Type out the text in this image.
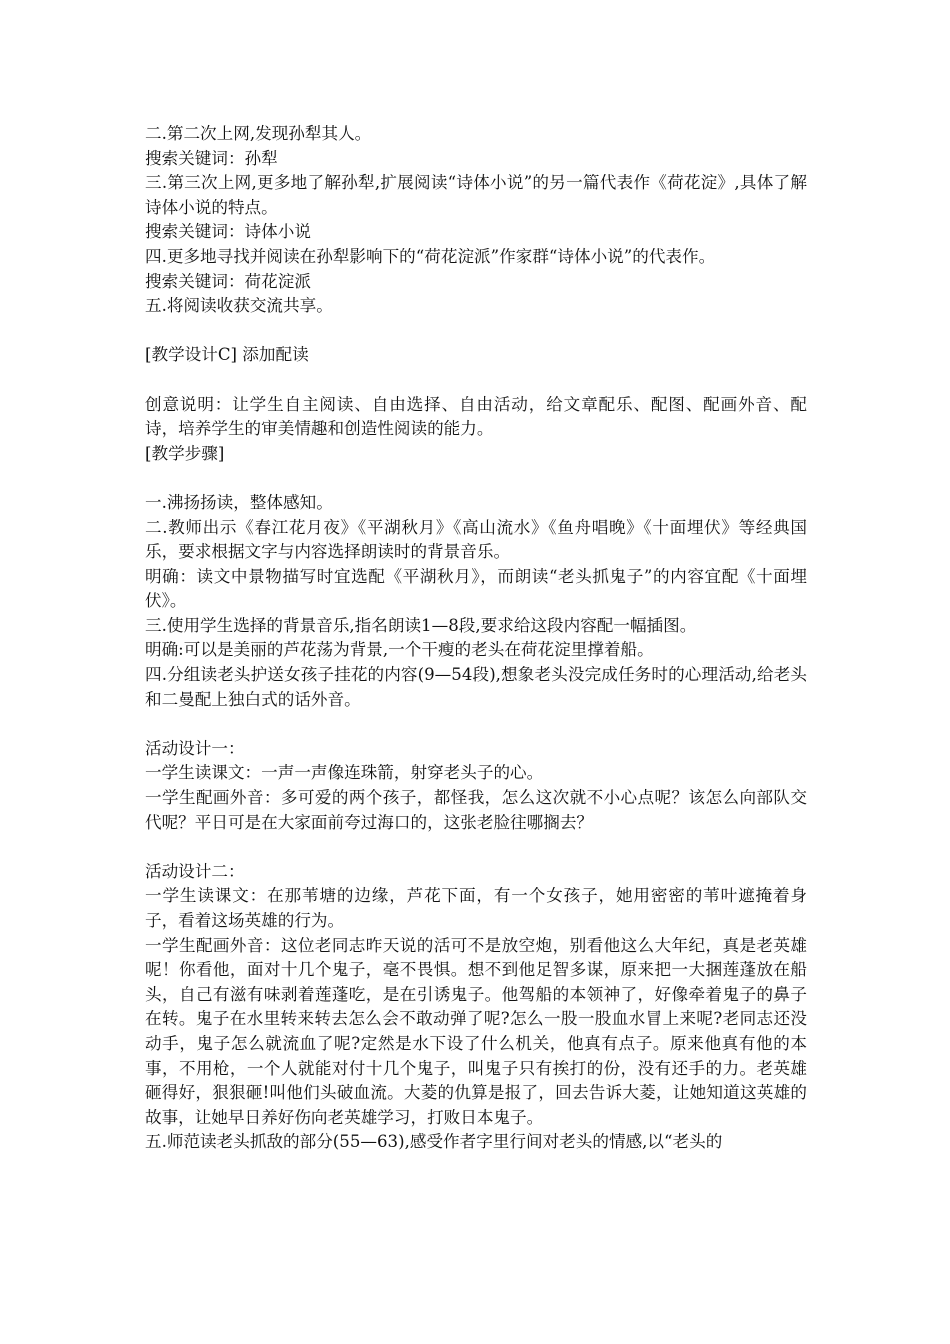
二.第二次上网,发现孙犁其人。

搜索关键词：孙犁

三.第三次上网,更多地了解孙犁,扩展阅读“诗体小说”的另一篇代表作《荷花淀》,具体了解诗体小说的特点。

搜索关键词：诗体小说

四.更多地寻找并阅读在孙犁影响下的“荷花淀派”作家群“诗体小说”的代表作。

搜索关键词：荷花淀派

五.将阅读收获交流共享。

[教学设计C] 添加配读

创意说明：让学生自主阅读、自由选择、自由活动，给文章配乐、配图、配画外音、配诗，培养学生的审美情趣和创造性阅读的能力。

[教学步骤]

一.沸扬扬读，整体感知。

二.教师出示《春江花月夜》《平湖秋月》《高山流水》《鱼舟唱晚》《十面埋伏》等经典国乐，要求根据文字与内容选择朗读时的背景音乐。

明确：读文中景物描写时宜选配《平湖秋月》，而朗读“老头抓鬼子”的内容宜配《十面埋伏》。

三.使用学生选择的背景音乐,指名朗读1—8段,要求给这段内容配一幅插图。

明确:可以是美丽的芦花荡为背景,一个干瘦的老头在荷花淀里撑着船。

四.分组读老头护送女孩子挂花的内容(9—54段),想象老头没完成任务时的心理活动,给老头和二曼配上独白式的话外音。

活动设计一：

一学生读课文：一声一声像连珠箭，射穿老头子的心。

一学生配画外音：多可爱的两个孩子，都怪我，怎么这次就不小心点呢？该怎么向部队交代呢？平日可是在大家面前夸过海口的，这张老脸往哪搁去？

活动设计二：

一学生读课文：在那苇塘的边缘，芦花下面，有一个女孩子，她用密密的苇叶遮掩着身子，看着这场英雄的行为。

一学生配画外音：这位老同志昨天说的活可不是放空炮，别看他这么大年纪，真是老英雄呢！你看他，面对十几个鬼子，毫不畏惧。想不到他足智多谋，原来把一大捆莲蓬放在船头，自己有滋有味剥着莲蓬吃，是在引诱鬼子。他驾船的本领神了，好像牵着鬼子的鼻子在转。鬼子在水里转来转去怎么会不敢动弹了呢?怎么一股一股血水冒上来呢?老同志还没动手，鬼子怎么就流血了呢?定然是水下设了什么机关，他真有点子。原来他真有他的本事，不用枪，一个人就能对付十几个鬼子，叫鬼子只有挨打的份，没有还手的力。老英雄砸得好，狠狠砸!叫他们头破血流。大菱的仇算是报了，回去告诉大菱，让她知道这英雄的故事，让她早日养好伤向老英雄学习，打败日本鬼子。

五.师范读老头抓敌的部分(55—63),感受作者字里行间对老头的情感,以“老头的
